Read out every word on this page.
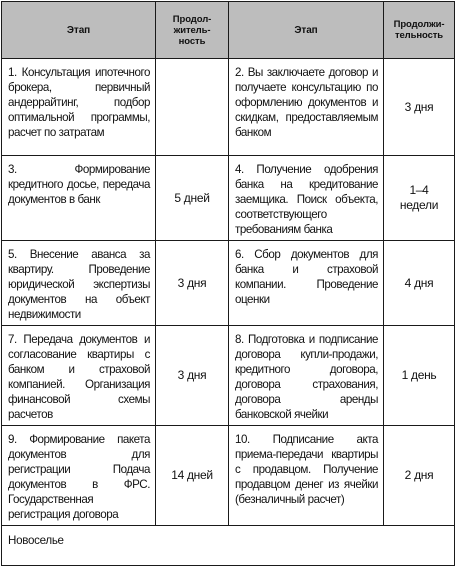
Этап	Продол-
житель-
ность	Этап	Продолжи-
тельность

1. Консультация ипотечного брокера, первичный андеррайтинг, подбор оптимальной программы, расчет по затратам		2. Вы заключаете договор и получаете консультацию по оформлению документов и скидкам, предоставляемым банком	3 дня
3. Формирование кредитного досье, передача документов в банк	5 дней	4. Получение одобрения банка на кредитование заемщика. Поиск объекта, соответствующего требованиям банка	1–4
недели

5. Внесение аванса за квартиру. Проведение юридической экспертизы документов на объект недвижимости	3 дня	6. Сбор документов для банка и страховой компании. Проведение оценки	4 дня
7. Передача документов и согласование квартиры с банком и страховой компанией. Организация финансовой схемы расчетов	3 дня	8. Подготовка и подписание договора купли-продажи, кредитного договора, договора страхования, договора аренды банковской ячейки	1 день
9. Формирование пакета документов для регистрации Подача документов в ФРС. Государственная регистрация договора	14 дней	10. Подписание акта приема-передачи квартиры с продавцом. Получение продавцом денег из ячейки (безналичный расчет)	2 дня
Новоселье			
